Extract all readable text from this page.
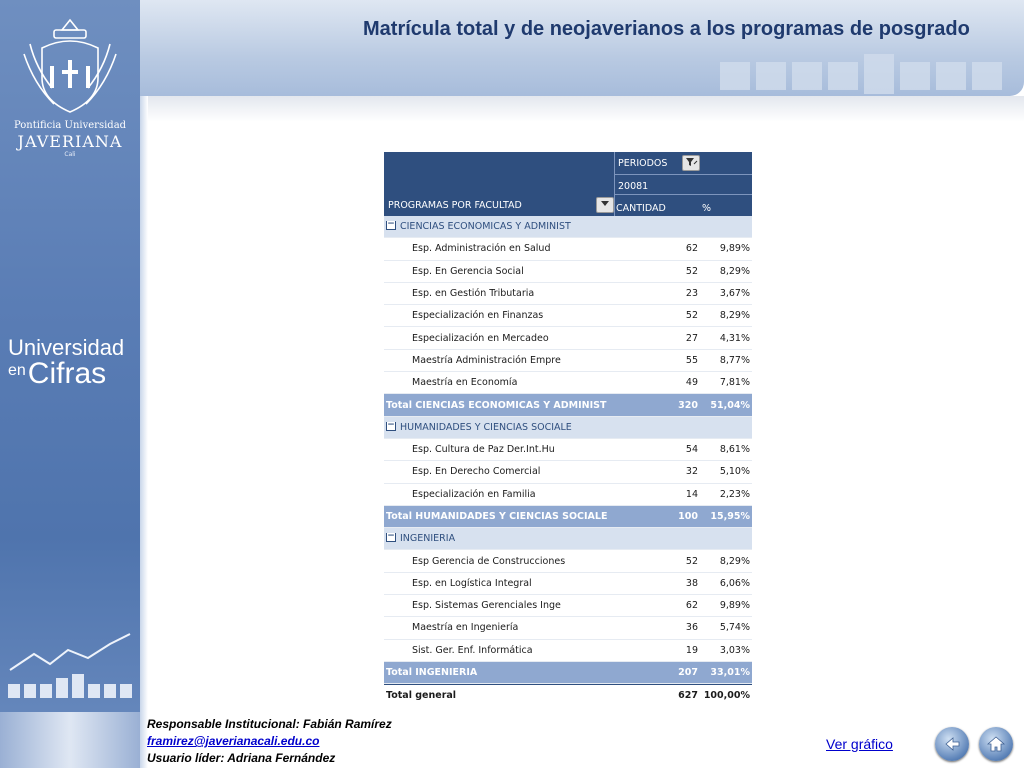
Pontificia Universidad
JAVERIANA
Cali
Universidad
$^{en}$Cifras
Matrícula total y de neojaverianos a los programas de posgrado
PERIODOS
20081
PROGRAMAS POR FACULTAD	CANTIDAD	%
− CIENCIAS ECONOMICAS Y ADMINIST
Esp. Administración en Salud	62	9,89%
Esp. En Gerencia Social	52	8,29%
Esp. en Gestión Tributaria	23	3,67%
Especialización en Finanzas	52	8,29%
Especialización en Mercadeo	27	4,31%
Maestría Administración Empre	55	8,77%
Maestría en Economía	49	7,81%
Total CIENCIAS ECONOMICAS Y ADMINIST	320	51,04%
− HUMANIDADES Y CIENCIAS SOCIALE
Esp. Cultura de Paz Der.Int.Hu	54	8,61%
Esp. En Derecho Comercial	32	5,10%
Especialización en Familia	14	2,23%
Total HUMANIDADES Y CIENCIAS SOCIALE	100	15,95%
− INGENIERIA
Esp Gerencia de Construcciones	52	8,29%
Esp. en Logística Integral	38	6,06%
Esp. Sistemas Gerenciales Inge	62	9,89%
Maestría en Ingeniería	36	5,74%
Sist. Ger. Enf. Informática	19	3,03%
Total INGENIERIA	207	33,01%
Total general	627 100,00%
Responsable Institucional: Fabián Ramírez
framirez@javerianacali.edu.co
Usuario líder: Adriana Fernández
Ver gráfico
